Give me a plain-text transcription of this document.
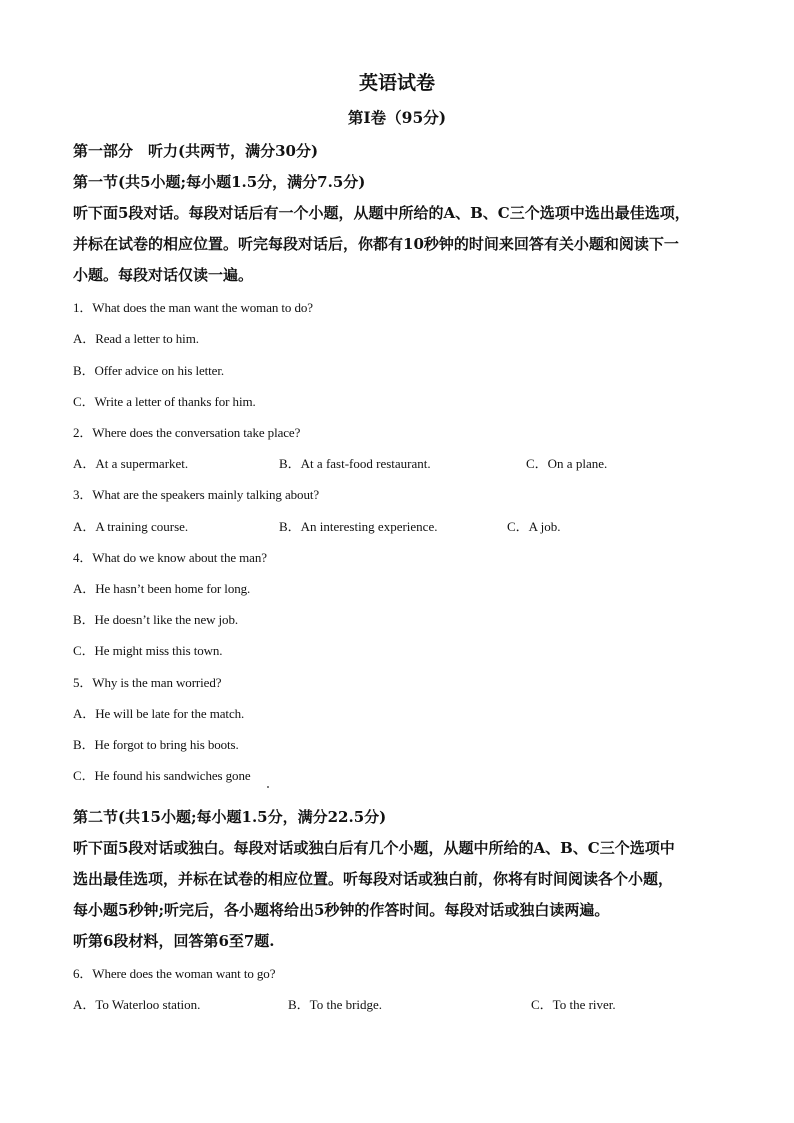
英语试卷
第I卷（95分)
第一部分　听力(共两节，满分30分)
第一节(共5小题;每小题1.5分，满分7.5分)
听下面5段对话。每段对话后有一个小题，从题中所给的A、B、C三个选项中选出最佳选项，
并标在试卷的相应位置。听完每段对话后，你都有10秒钟的时间来回答有关小题和阅读下一
小题。每段对话仅读一遍。
1．What does the man want the woman to do?
A．Read a letter to him.
B．Offer advice on his letter.
C．Write a letter of thanks for him.
2．Where does the conversation take place?
A．At a supermarket.	B．At a fast-food restaurant.	C．On a plane.
3．What are the speakers mainly talking about?
A．A training course.	B．An interesting experience.	C．A job.
4．What do we know about the man?
A．He hasn’t been home for long.
B．He doesn’t like the new job.
C．He might miss this town.
5．Why is the man worried?
A．He will be late for the match.
B．He forgot to bring his boots.
C．He found his sandwiches gone
第二节(共15小题;每小题1.5分，满分22.5分)
听下面5段对话或独白。每段对话或独白后有几个小题，从题中所给的A、B、C三个选项中
选出最佳选项，并标在试卷的相应位置。听每段对话或独白前，你将有时间阅读各个小题，
每小题5秒钟;听完后，各小题将给出5秒钟的作答时间。每段对话或独白读两遍。
听第6段材料，回答第6至7题.
6．Where does the woman want to go?
A．To Waterloo station.	B．To the bridge.	C．To the river.
